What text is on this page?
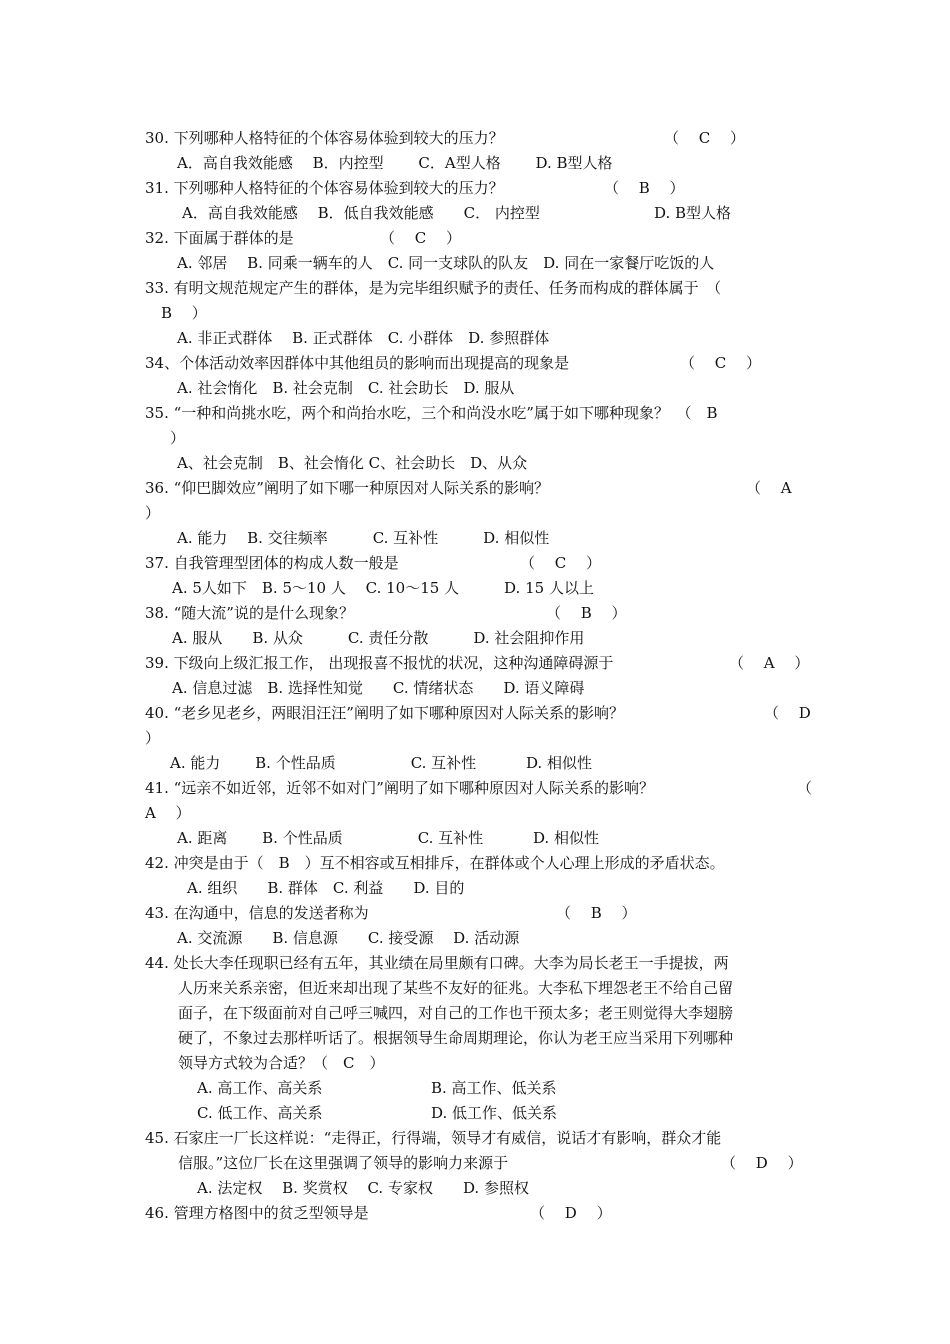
30. 下列哪种人格特征的个体容易体验到较大的压力？	（　 C　 ）
A．高自我效能感　 B．内控型　　 C．A型人格　　 D. B型人格
31. 下列哪种人格特征的个体容易体验到较大的压力？	（　 B　 ）
A．高自我效能感　 B．低自我效能感　　C． 内控型	D. B型人格
32. 下面属于群体的是	（　 C　 ）
A. 邻居　 B. 同乘一辆车的人　C. 同一支球队的队友　D. 同在一家餐厅吃饭的人
33. 有明文规范规定产生的群体，是为完毕组织赋予的责任、任务而构成的群体属于　（
B　 ）
A. 非正式群体　 B. 正式群体　C. 小群体　D. 参照群体
34、个体活动效率因群体中其他组员的影响而出现提高的现象是	（　 C　 ）
A. 社会惰化　B. 社会克制　C. 社会助长　D. 服从
35. “一种和尚挑水吃，两个和尚抬水吃，三个和尚没水吃”属于如下哪种现象？　（　B
）
A、社会克制　B、社会惰化 C、社会助长　D、从众
36. “仰巴脚效应”阐明了如下哪一种原因对人际关系的影响？	（　 A
）
A. 能力　 B. 交往频率　　　C. 互补性　　　D. 相似性
37. 自我管理型团体的构成人数一般是	（　 C　 ）
A. 5人如下　B. 5～10 人　 C. 10～15 人　　　D. 15 人以上
38. “随大流”说的是什么现象？	（　 B　 ）
A. 服从　　B. 从众　　　C. 责任分散　　　D. 社会阻抑作用
39. 下级向上级汇报工作， 出现报喜不报忧的状况，这种沟通障碍源于	（　 A　 ）
A. 信息过滤　B. 选择性知觉　　C. 情绪状态　　D. 语义障碍
40. “老乡见老乡，两眼泪汪汪”阐明了如下哪种原因对人际关系的影响？	（　 D
）
A. 能力　　 B. 个性品质　　　　　C. 互补性　　　 D. 相似性
41. “远亲不如近邻，近邻不如对门”阐明了如下哪种原因对人际关系的影响？	（
A　 ）
A. 距离　　 B. 个性品质　　　　　C. 互补性　　　 D. 相似性
42. 冲突是由于（　B　）互不相容或互相排斥，在群体或个人心理上形成的矛盾状态。
A. 组织　　B. 群体　C. 利益　　D. 目的
43. 在沟通中，信息的发送者称为	（　 B　 ）
A. 交流源　　B. 信息源　　C. 接受源　 D. 活动源
44. 处长大李任现职已经有五年，其业绩在局里颇有口碑。大李为局长老王一手提拔，两
人历来关系亲密，但近来却出现了某些不友好的征兆。大李私下埋怨老王不给自己留
面子，在下级面前对自己呼三喊四，对自己的工作也干预太多；老王则觉得大李翅膀
硬了，不象过去那样听话了。根据领导生命周期理论，你认为老王应当采用下列哪种
领导方式较为合适？（　C　）
A. 高工作、高关系	B. 高工作、低关系
C. 低工作、高关系	D. 低工作、低关系
45. 石家庄一厂长这样说：“走得正，行得端，领导才有威信，说话才有影响，群众才能
信服。”这位厂长在这里强调了领导的影响力来源于	（　 D　 ）
A. 法定权　 B. 奖赏权　 C. 专家权　　D. 参照权
46. 管理方格图中的贫乏型领导是	（　 D　 ）
